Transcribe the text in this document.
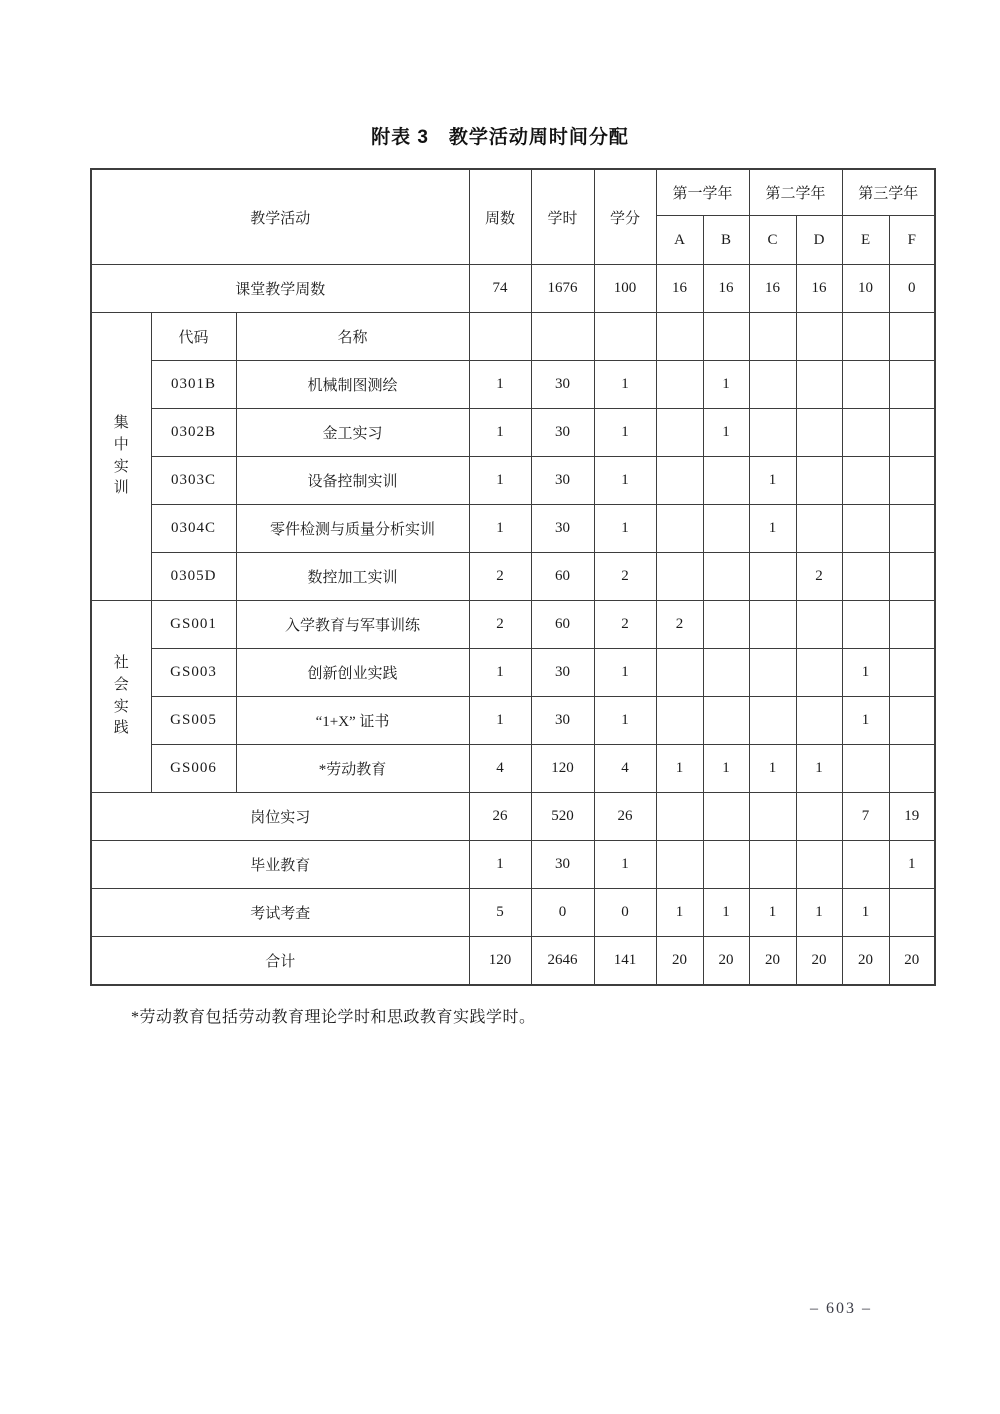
附表 3　教学活动周时间分配
教学活动			周数	学时	学分	第一学年		第二学年		第三学年	
						A	B	C	D	E	F
课堂教学周数			74	1676	100	16	16	16	16	10	0

集中实训	代码	名称									
	0301B	机械制图测绘	1	30	1		1				
	0302B	金工实习	1	30	1		1				
	0303C	设备控制实训	1	30	1			1			
	0304C	零件检测与质量分析实训	1	30	1			1			
	0305D	数控加工实训	2	60	2				2		

社会实践	GS001	入学教育与军事训练	2	60	2	2					
	GS003	创新创业实践	1	30	1					1	
	GS005	“1+X” 证书	1	30	1					1	
	GS006	*劳动教育	4	120	4	1	1	1	1		
岗位实习			26	520	26					7	19
毕业教育			1	30	1						1
考试考查			5	0	0	1	1	1	1	1	
合计			120	2646	141	20	20	20	20	20	20

*劳动教育包括劳动教育理论学时和思政教育实践学时。

– 603 –
